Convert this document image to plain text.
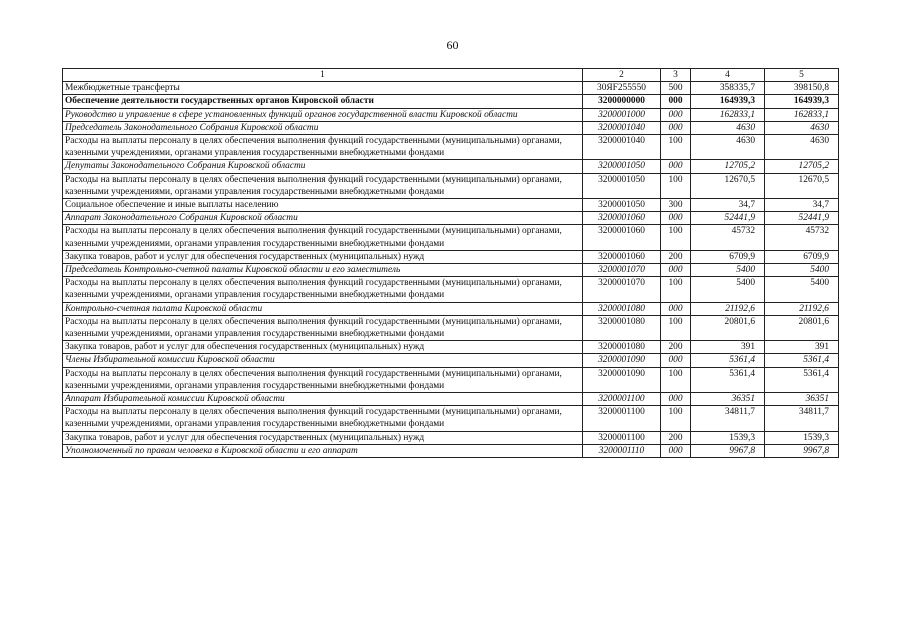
60
1	2	3	4	5
Межбюджетные трансферты	30ЯF255550	500	358335,7	398150,8
Обеспечение деятельности государственных органов Кировской области	3200000000	000	164939,3	164939,3
Руководство и управление в сфере установленных функций органов государственной власти Кировской области	3200001000	000	162833,1	162833,1
Председатель Законодательного Собрания Кировской области	3200001040	000	4630	4630
Расходы на выплаты персоналу в целях обеспечения выполнения функций государственными (муниципальными) органами, казенными учреждениями, органами управления государственными внебюджетными фондами	3200001040	100	4630	4630
Депутаты Законодательного Собрания Кировской области	3200001050	000	12705,2	12705,2
Расходы на выплаты персоналу в целях обеспечения выполнения функций государственными (муниципальными) органами, казенными учреждениями, органами управления государственными внебюджетными фондами	3200001050	100	12670,5	12670,5
Социальное обеспечение и иные выплаты населению	3200001050	300	34,7	34,7
Аппарат Законодательного Собрания Кировской области	3200001060	000	52441,9	52441,9
Расходы на выплаты персоналу в целях обеспечения выполнения функций государственными (муниципальными) органами, казенными учреждениями, органами управления государственными внебюджетными фондами	3200001060	100	45732	45732
Закупка товаров, работ и услуг для обеспечения государственных (муниципальных) нужд	3200001060	200	6709,9	6709,9
Председатель Контрольно-счетной палаты Кировской области и его заместитель	3200001070	000	5400	5400
Расходы на выплаты персоналу в целях обеспечения выполнения функций государственными (муниципальными) органами, казенными учреждениями, органами управления государственными внебюджетными фондами	3200001070	100	5400	5400
Контрольно-счетная палата Кировской области	3200001080	000	21192,6	21192,6
Расходы на выплаты персоналу в целях обеспечения выполнения функций государственными (муниципальными) органами, казенными учреждениями, органами управления государственными внебюджетными фондами	3200001080	100	20801,6	20801,6
Закупка товаров, работ и услуг для обеспечения государственных (муниципальных) нужд	3200001080	200	391	391
Члены Избирательной комиссии Кировской области	3200001090	000	5361,4	5361,4
Расходы на выплаты персоналу в целях обеспечения выполнения функций государственными (муниципальными) органами, казенными учреждениями, органами управления государственными внебюджетными фондами	3200001090	100	5361,4	5361,4
Аппарат Избирательной комиссии Кировской области	3200001100	000	36351	36351
Расходы на выплаты персоналу в целях обеспечения выполнения функций государственными (муниципальными) органами, казенными учреждениями, органами управления государственными внебюджетными фондами	3200001100	100	34811,7	34811,7
Закупка товаров, работ и услуг для обеспечения государственных (муниципальных) нужд	3200001100	200	1539,3	1539,3
Уполномоченный по правам человека в Кировской области и его аппарат	3200001110	000	9967,8	9967,8
